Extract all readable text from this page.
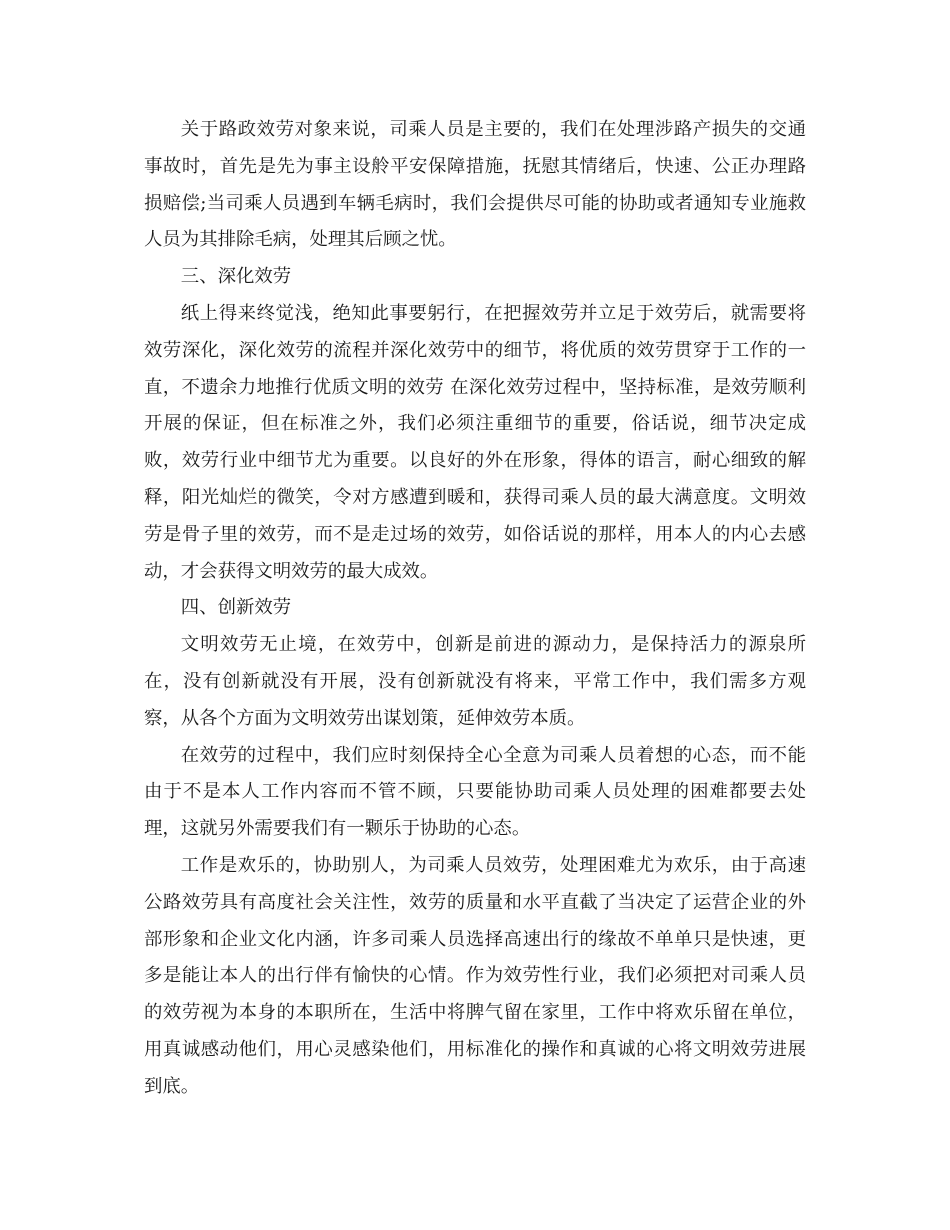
关于路政效劳对象来说，司乘人员是主要的，我们在处理涉路产损失的交通事故时，首先是先为事主设舲平安保障措施，抚慰其情绪后，快速、公正办理路损赔偿;当司乘人员遇到车辆毛病时，我们会提供尽可能的协助或者通知专业施救人员为其排除毛病，处理其后顾之忧。

三、深化效劳

纸上得来终觉浅，绝知此事要躬行，在把握效劳并立足于效劳后，就需要将效劳深化，深化效劳的流程并深化效劳中的细节，将优质的效劳贯穿于工作的一直，不遗余力地推行优质文明的效劳 在深化效劳过程中，坚持标准，是效劳顺利开展的保证，但在标准之外，我们必须注重细节的重要，俗话说，细节决定成败，效劳行业中细节尤为重要。以良好的外在形象，得体的语言，耐心细致的解释，阳光灿烂的微笑，令对方感遭到暖和，获得司乘人员的最大满意度。文明效劳是骨子里的效劳，而不是走过场的效劳，如俗话说的那样，用本人的内心去感动，才会获得文明效劳的最大成效。

四、创新效劳

文明效劳无止境，在效劳中，创新是前进的源动力，是保持活力的源泉所在，没有创新就没有开展，没有创新就没有将来，平常工作中，我们需多方观察，从各个方面为文明效劳出谋划策，延伸效劳本质。

在效劳的过程中，我们应时刻保持全心全意为司乘人员着想的心态，而不能由于不是本人工作内容而不管不顾，只要能协助司乘人员处理的困难都要去处理，这就另外需要我们有一颗乐于协助的心态。

工作是欢乐的，协助别人，为司乘人员效劳，处理困难尤为欢乐，由于高速公路效劳具有高度社会关注性，效劳的质量和水平直截了当决定了运营企业的外部形象和企业文化内涵，许多司乘人员选择高速出行的缘故不单单只是快速，更多是能让本人的出行伴有愉快的心情。作为效劳性行业，我们必须把对司乘人员的效劳视为本身的本职所在，生活中将脾气留在家里，工作中将欢乐留在单位，用真诚感动他们，用心灵感染他们，用标准化的操作和真诚的心将文明效劳进展到底。
